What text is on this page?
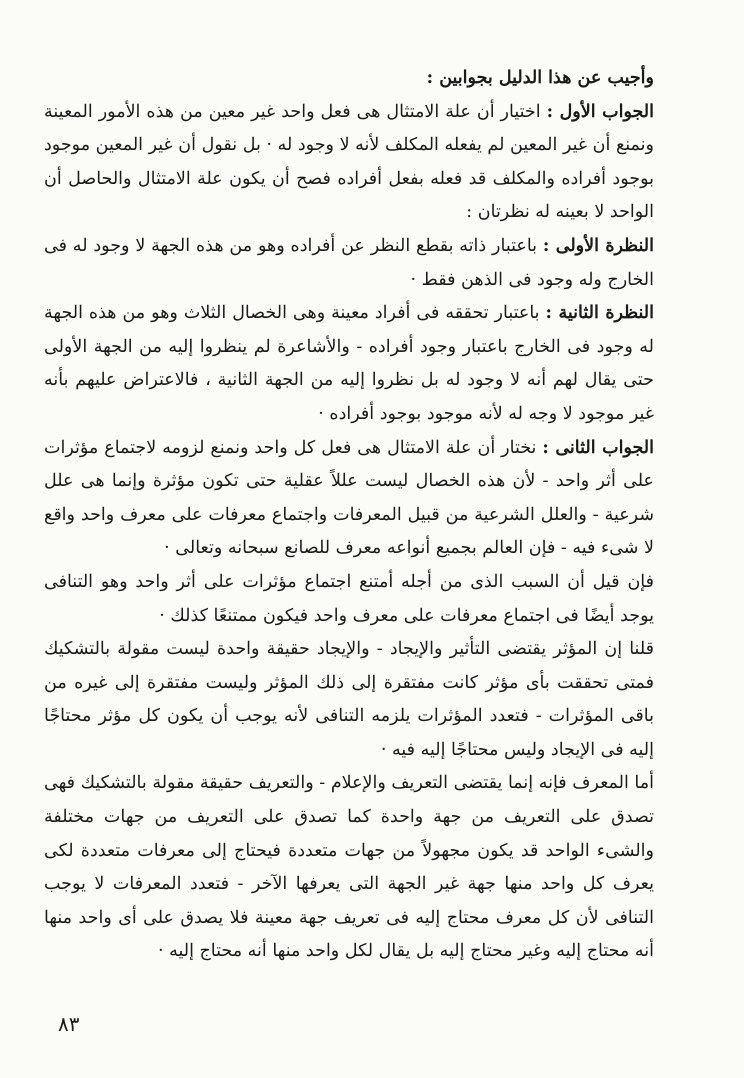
وأجيب عن هذا الدليل بجوابين :

الجواب الأول : اختيار أن علة الامتثال هى فعل واحد غير معين من هذه الأمور المعينة ونمنع أن غير المعين لم يفعله المكلف لأنه لا وجود له · بل نقول أن غير المعين موجود بوجود أفراده والمكلف قد فعله بفعل أفراده فصح أن يكون علة الامتثال والحاصل أن الواحد لا بعينه له نظرتان :

النظرة الأولى : باعتبار ذاته بقطع النظر عن أفراده وهو من هذه الجهة لا وجود له فى الخارج وله وجود فى الذهن فقط ·

النظرة الثانية : باعتبار تحققه فى أفراد معينة وهى الخصال الثلاث وهو من هذه الجهة له وجود فى الخارج باعتبار وجود أفراده - والأشاعرة لم ينظروا إليه من الجهة الأولى حتى يقال لهم أنه لا وجود له بل نظروا إليه من الجهة الثانية ، فالاعتراض عليهم بأنه غير موجود لا وجه له لأنه موجود بوجود أفراده ·

الجواب الثانى : نختار أن علة الامتثال هى فعل كل واحد ونمنع لزومه لاجتماع مؤثرات على أثر واحد - لأن هذه الخصال ليست عللاً عقلية حتى تكون مؤثرة وإنما هى علل شرعية - والعلل الشرعية من قبيل المعرفات واجتماع معرفات على معرف واحد واقع لا شىء فيه - فإن العالم بجميع أنواعه معرف للصانع سبحانه وتعالى ·

فإن قيل أن السبب الذى من أجله أمتنع اجتماع مؤثرات على أثر واحد وهو التنافى يوجد أيضًا فى اجتماع معرفات على معرف واحد فيكون ممتنعًا كذلك ·

قلنا إن المؤثر يقتضى التأثير والإيجاد - والإيجاد حقيقة واحدة ليست مقولة بالتشكيك فمتى تحققت بأى مؤثر كانت مفتقرة إلى ذلك المؤثر وليست مفتقرة إلى غيره من باقى المؤثرات - فتعدد المؤثرات يلزمه التنافى لأنه يوجب أن يكون كل مؤثر محتاجًا إليه فى الإيجاد وليس محتاجًا إليه فيه ·

أما المعرف فإنه إنما يقتضى التعريف والإعلام - والتعريف حقيقة مقولة بالتشكيك فهى تصدق على التعريف من جهة واحدة كما تصدق على التعريف من جهات مختلفة والشىء الواحد قد يكون مجهولاً من جهات متعددة فيحتاج إلى معرفات متعددة لكى يعرف كل واحد منها جهة غير الجهة التى يعرفها الآخر - فتعدد المعرفات لا يوجب التنافى لأن كل معرف محتاج إليه فى تعريف جهة معينة فلا يصدق على أى واحد منها أنه محتاج إليه وغير محتاج إليه بل يقال لكل واحد منها أنه محتاج إليه ·

٨٣
